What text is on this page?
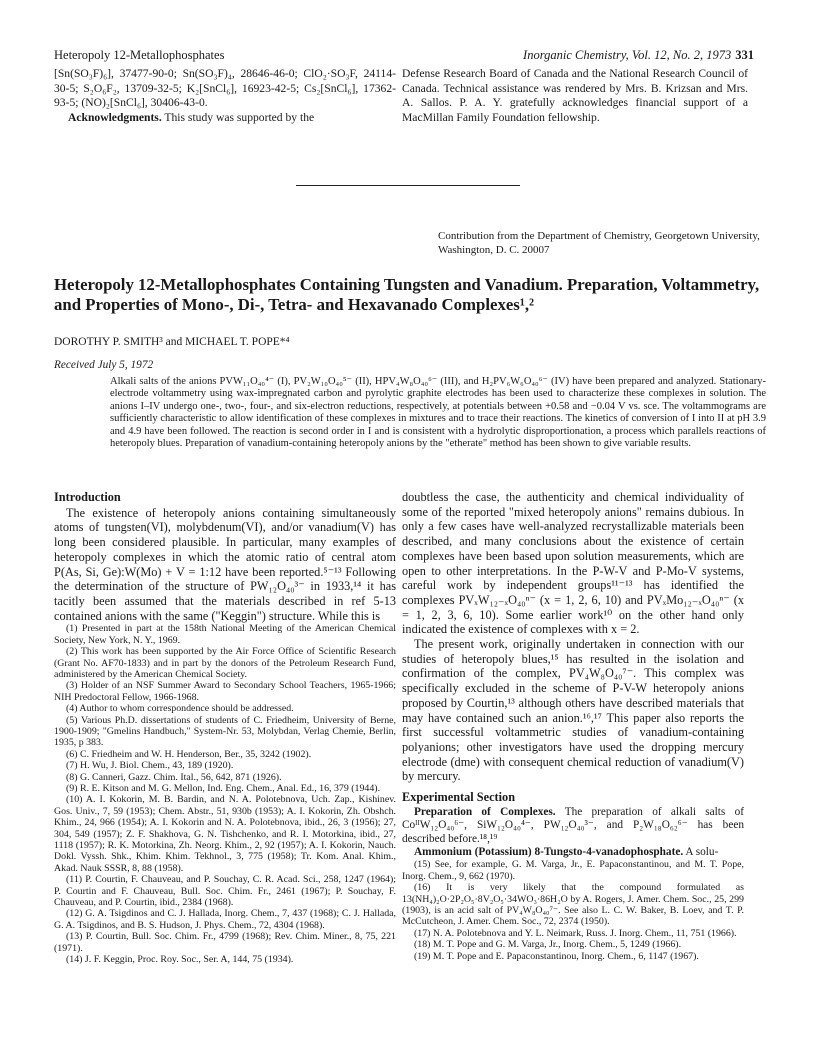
Heteropoly 12-Metallophosphates	Inorganic Chemistry, Vol. 12, No. 2, 1973 331

[Sn(SO₃F)₆], 37477-90-0; Sn(SO₃F)₄, 28646-46-0; ClO₂·SO₃F, 24114-30-5; S₂O₆F₂, 13709-32-5; K₂[SnCl₆], 16923-42-5; Cs₂[SnCl₆], 17362-93-5; (NO)₂[SnCl₆], 30406-43-0.

Acknowledgments. This study was supported by the

Defense Research Board of Canada and the National Research Council of Canada. Technical assistance was rendered by Mrs. B. Krizsan and Mrs. A. Sallos. P. A. Y. gratefully acknowledges financial support of a MacMillan Family Foundation fellowship.

Contribution from the Department of Chemistry, Georgetown University, Washington, D. C. 20007
Heteropoly 12-Metallophosphates Containing Tungsten and Vanadium. Preparation, Voltammetry, and Properties of Mono-, Di-, Tetra- and Hexavanado Complexes¹,²
DOROTHY P. SMITH³ and MICHAEL T. POPE*⁴
Received July 5, 1972
Alkali salts of the anions PVW₁₁O₄₀⁴⁻ (I), PV₂W₁₀O₄₀⁵⁻ (II), HPV₄W₈O₄₀⁶⁻ (III), and H₂PV₆W₆O₄₀⁶⁻ (IV) have been prepared and analyzed. Stationary-electrode voltammetry using wax-impregnated carbon and pyrolytic graphite electrodes has been used to characterize these complexes in solution. The anions I–IV undergo one-, two-, four-, and six-electron reductions, respectively, at potentials between +0.58 and −0.04 V vs. sce. The voltammograms are sufficiently characteristic to allow identification of these complexes in mixtures and to trace their reactions. The kinetics of conversion of I into II at pH 3.9 and 4.9 have been followed. The reaction is second order in I and is consistent with a hydrolytic disproportionation, a process which parallels reactions of heteropoly blues. Preparation of vanadium-containing heteropoly anions by the "etherate" method has been shown to give variable results.
Introduction

The existence of heteropoly anions containing simultaneously atoms of tungsten(VI), molybdenum(VI), and/or vanadium(V) has long been considered plausible. In particular, many examples of heteropoly complexes in which the atomic ratio of central atom P(As, Si, Ge):W(Mo) + V = 1:12 have been reported.⁵⁻¹³ Following the determination of the structure of PW₁₂O₄₀³⁻ in 1933,¹⁴ it has tacitly been assumed that the materials described in ref 5-13 contained anions with the same ("Keggin") structure. While this is

(1) Presented in part at the 158th National Meeting of the American Chemical Society, New York, N. Y., 1969.

(2) This work has been supported by the Air Force Office of Scientific Research (Grant No. AF70-1833) and in part by the donors of the Petroleum Research Fund, administered by the American Chemical Society.

(3) Holder of an NSF Summer Award to Secondary School Teachers, 1965-1966; NIH Predoctoral Fellow, 1966-1968.

(4) Author to whom correspondence should be addressed.

(5) Various Ph.D. dissertations of students of C. Friedheim, University of Berne, 1900-1909; "Gmelins Handbuch," System-Nr. 53, Molybdan, Verlag Chemie, Berlin, 1935, p 383.

(6) C. Friedheim and W. H. Henderson, Ber., 35, 3242 (1902).

(7) H. Wu, J. Biol. Chem., 43, 189 (1920).

(8) G. Canneri, Gazz. Chim. Ital., 56, 642, 871 (1926).

(9) R. E. Kitson and M. G. Mellon, Ind. Eng. Chem., Anal. Ed., 16, 379 (1944).

(10) A. I. Kokorin, M. B. Bardin, and N. A. Polotebnova, Uch. Zap., Kishinev. Gos. Univ., 7, 59 (1953); Chem. Abstr., 51, 930b (1953); A. I. Kokorin, Zh. Obshch. Khim., 24, 966 (1954); A. I. Kokorin and N. A. Polotebnova, ibid., 26, 3 (1956); 27, 304, 549 (1957); Z. F. Shakhova, G. N. Tishchenko, and R. I. Motorkina, ibid., 27, 1118 (1957); R. K. Motorkina, Zh. Neorg. Khim., 2, 92 (1957); A. I. Kokorin, Nauch. Dokl. Vyssh. Shk., Khim. Khim. Tekhnol., 3, 775 (1958); Tr. Kom. Anal. Khim., Akad. Nauk SSSR, 8, 88 (1958).

(11) P. Courtin, F. Chauveau, and P. Souchay, C. R. Acad. Sci., 258, 1247 (1964); P. Courtin and F. Chauveau, Bull. Soc. Chim. Fr., 2461 (1967); P. Souchay, F. Chauveau, and P. Courtin, ibid., 2384 (1968).

(12) G. A. Tsigdinos and C. J. Hallada, Inorg. Chem., 7, 437 (1968); C. J. Hallada, G. A. Tsigdinos, and B. S. Hudson, J. Phys. Chem., 72, 4304 (1968).

(13) P. Courtin, Bull. Soc. Chim. Fr., 4799 (1968); Rev. Chim. Miner., 8, 75, 221 (1971).

(14) J. F. Keggin, Proc. Roy. Soc., Ser. A, 144, 75 (1934).

doubtless the case, the authenticity and chemical individuality of some of the reported "mixed heteropoly anions" remains dubious. In only a few cases have well-analyzed recrystallizable materials been described, and many conclusions about the existence of certain complexes have been based upon solution measurements, which are open to other interpretations. In the P-W-V and P-Mo-V systems, careful work by independent groups¹¹⁻¹³ has identified the complexes PVₓW₁₂₋ₓO₄₀ⁿ⁻ (x = 1, 2, 6, 10) and PVₓMo₁₂₋ₓO₄₀ⁿ⁻ (x = 1, 2, 3, 6, 10). Some earlier work¹⁰ on the other hand only indicated the existence of complexes with x = 2.

The present work, originally undertaken in connection with our studies of heteropoly blues,¹⁵ has resulted in the isolation and confirmation of the complex, PV₄W₈O₄₀⁷⁻. This complex was specifically excluded in the scheme of P-V-W heteropoly anions proposed by Courtin,¹³ although others have described materials that may have contained such an anion.¹⁶,¹⁷ This paper also reports the first successful voltammetric studies of vanadium-containing polyanions; other investigators have used the dropping mercury electrode (dme) with consequent chemical reduction of vanadium(V) by mercury.

Experimental Section

Preparation of Complexes. The preparation of alkali salts of CoᴵᴵW₁₂O₄₀⁶⁻, SiW₁₂O₄₀⁴⁻, PW₁₂O₄₀³⁻, and P₂W₁₈O₆₂⁶⁻ has been described before.¹⁸,¹⁹

Ammonium (Potassium) 8-Tungsto-4-vanadophosphate. A solu-

(15) See, for example, G. M. Varga, Jr., E. Papaconstantinou, and M. T. Pope, Inorg. Chem., 9, 662 (1970).

(16) It is very likely that the compound formulated as 13(NH₄)₂O·2P₂O₅·8V₂O₅·34WO₃·86H₂O by A. Rogers, J. Amer. Chem. Soc., 25, 299 (1903), is an acid salt of PV₄W₈O₄₀⁷⁻. See also L. C. W. Baker, B. Loev, and T. P. McCutcheon, J. Amer. Chem. Soc., 72, 2374 (1950).

(17) N. A. Polotebnova and Y. L. Neimark, Russ. J. Inorg. Chem., 11, 751 (1966).

(18) M. T. Pope and G. M. Varga, Jr., Inorg. Chem., 5, 1249 (1966).

(19) M. T. Pope and E. Papaconstantinou, Inorg. Chem., 6, 1147 (1967).
